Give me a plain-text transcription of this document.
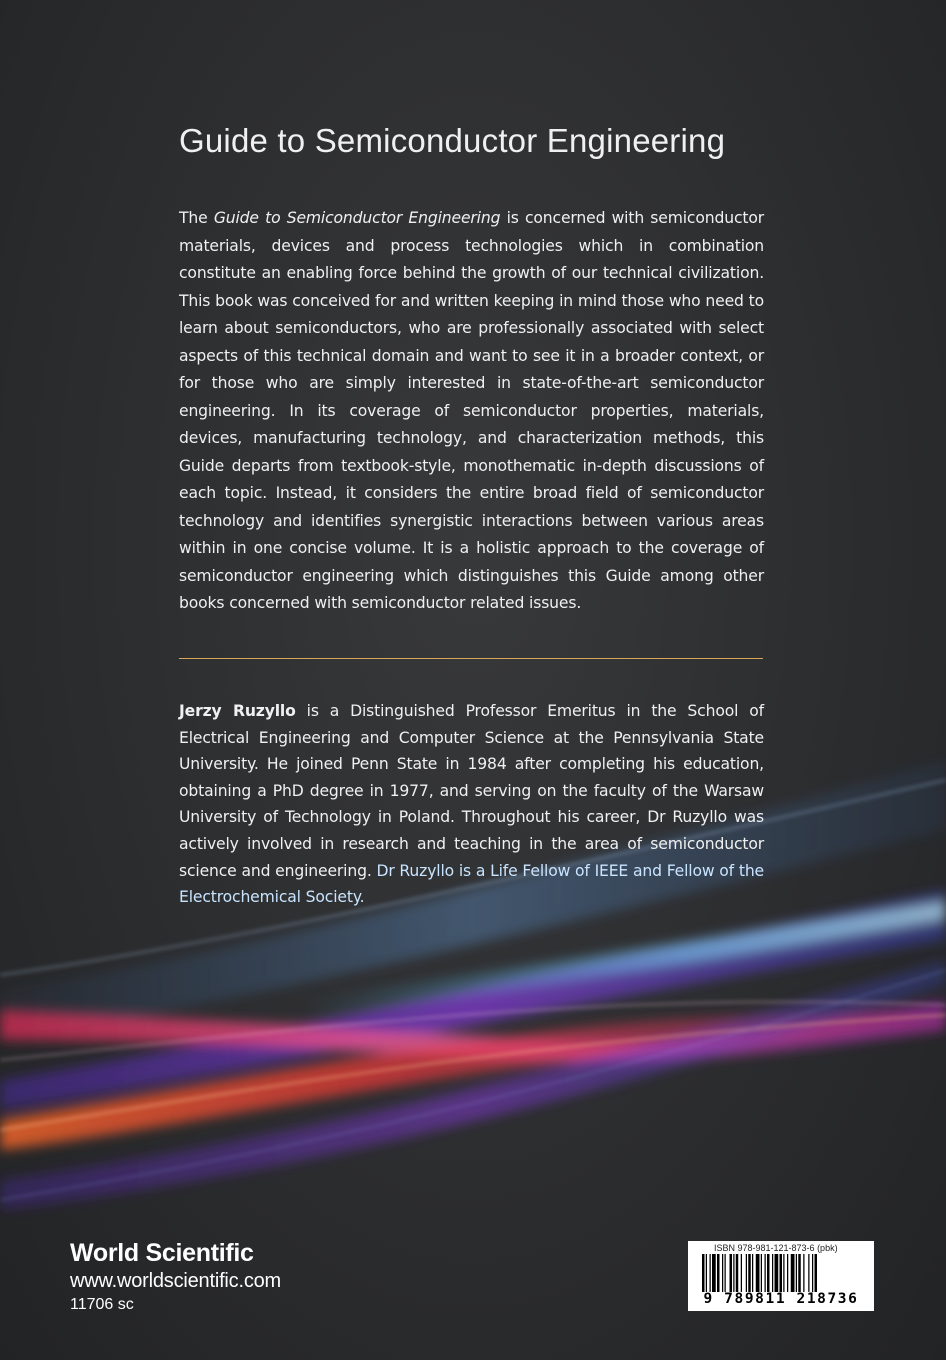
Guide to Semiconductor Engineering

The Guide to Semiconductor Engineering is concerned with semiconductor materials, devices and process technologies which in combination constitute an enabling force behind the growth of our technical civilization. This book was conceived for and written keeping in mind those who need to learn about semiconductors, who are professionally associated with select aspects of this technical domain and want to see it in a broader context, or for those who are simply interested in state-of-the-art semiconductor engineering. In its coverage of semiconductor properties, materials, devices, manufacturing technology, and characterization methods, this Guide departs from textbook-style, monothematic in-depth discussions of each topic. Instead, it considers the entire broad field of semiconductor technology and identifies synergistic interactions between various areas within in one concise volume. It is a holistic approach to the coverage of semiconductor engineering which distinguishes this Guide among other books concerned with semiconductor related issues.

Jerzy Ruzyllo is a Distinguished Professor Emeritus in the School of Electrical Engineering and Computer Science at the Pennsylvania State University. He joined Penn State in 1984 after completing his education, obtaining a PhD degree in 1977, and serving on the faculty of the Warsaw University of Technology in Poland. Throughout his career, Dr Ruzyllo was actively involved in research and teaching in the area of semiconductor science and engineering. Dr Ruzyllo is a Life Fellow of IEEE and Fellow of the Electrochemical Society.

World Scientific
www.worldscientific.com
11706 sc
ISBN 978-981-121-873-6 (pbk)
9 789811 218736
